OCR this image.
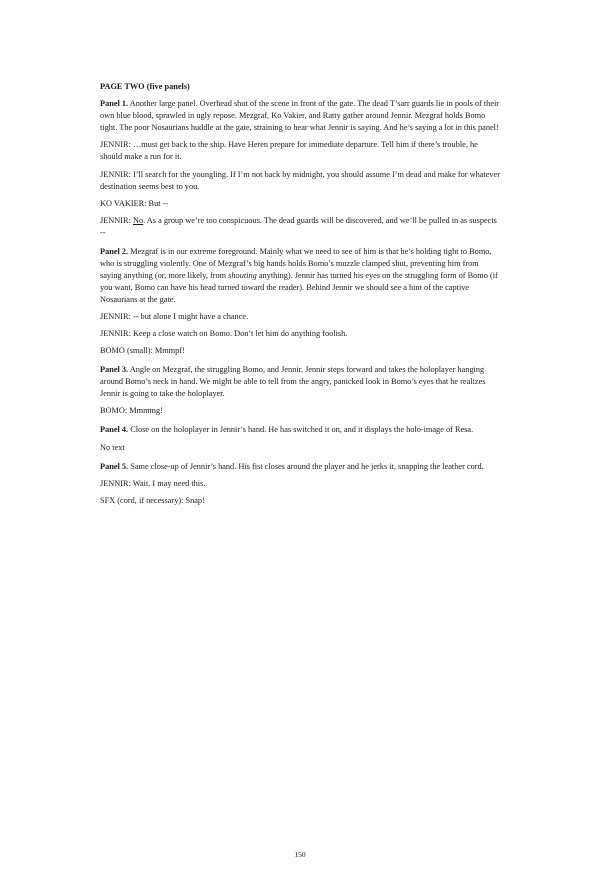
PAGE TWO (five panels)
Panel 1. Another large panel. Overhead shot of the scene in front of the gate. The dead T’sarr guards lie in pools of their own blue blood, sprawled in ugly repose. Mezgraf, Ko Vakier, and Ratty gather around Jennir. Mezgraf holds Bomo tight. The poor Nosaurians huddle at the gate, straining to hear what Jennir is saying. And he’s saying a lot in this panel!
JENNIR: …must get back to the ship. Have Heren prepare for immediate departure. Tell him if there’s trouble, he should make a run for it.
JENNIR: I’ll search for the youngling. If I’m not back by midnight, you should assume I’m dead and make for whatever destination seems best to you.
KO VAKIER: But --
JENNIR: No. As a group we’re too conspicuous. The dead guards will be discovered, and we’ll be pulled in as suspects --
Panel 2. Mezgraf is in our extreme foreground. Mainly what we need to see of him is that he’s holding tight to Bomo, who is struggling violently. One of Mezgraf’s big hands holds Bomo’s muzzle clamped shut, preventing him from saying anything (or, more likely, from shouting anything). Jennir has turned his eyes on the struggling form of Bomo (if you want, Bomo can have his head turned toward the reader). Behind Jennir we should see a hint of the captive Nosaurians at the gate.
JENNIR: -- but alone I might have a chance.
JENNIR: Keep a close watch on Bomo. Don’t let him do anything foolish.
BOMO (small): Mmmpf!
Panel 3. Angle on Mezgraf, the struggling Bomo, and Jennir. Jennir steps forward and takes the holoplayer hanging around Bomo’s neck in hand. We might be able to tell from the angry, panicked look in Bomo’s eyes that he realizes Jennir is going to take the holoplayer.
BOMO: Mmmmg!
Panel 4. Close on the holoplayer in Jennir’s hand. He has switched it on, and it displays the holo-image of Resa.
No text
Panel 5. Same close-up of Jennir’s hand. His fist closes around the player and he jerks it, snapping the leather cord.
JENNIR: Wait. I may need this.
SFX (cord, if necessary): Snap!
150
